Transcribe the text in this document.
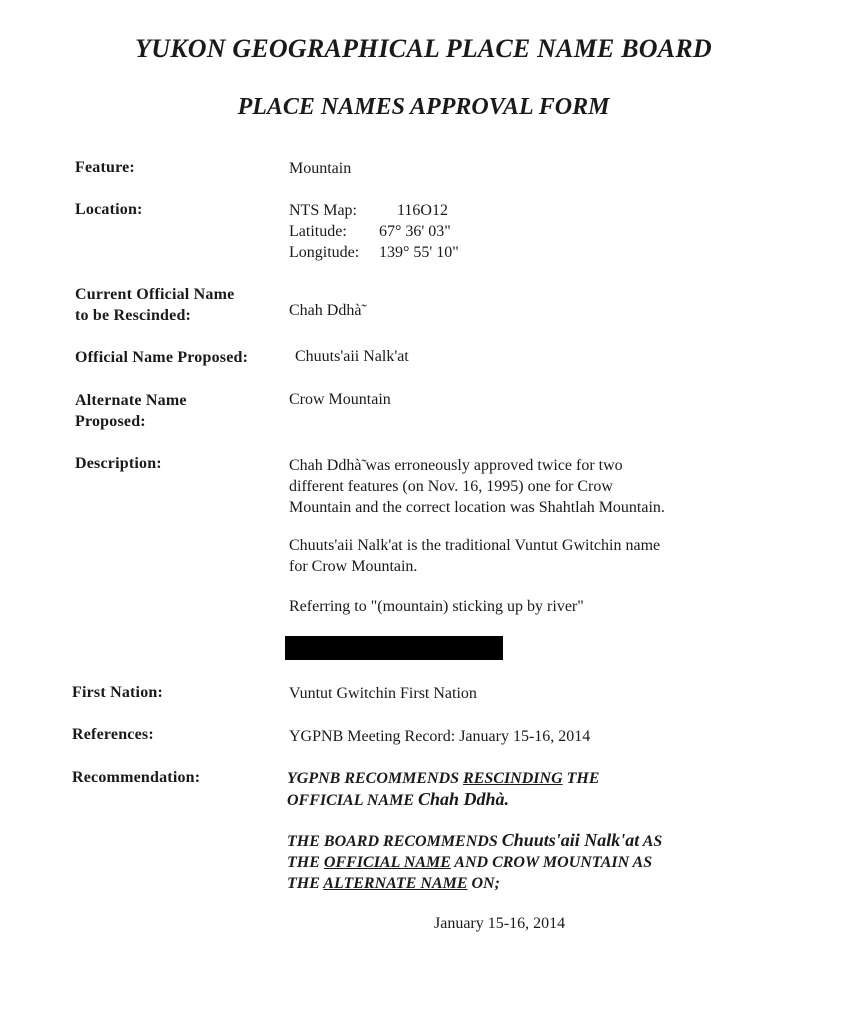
YUKON GEOGRAPHICAL PLACE NAME BOARD
PLACE NAMES APPROVAL FORM
Feature:	Mountain
Location:	NTS Map:	116O12
Latitude: 67° 36' 03"
Longitude: 139° 55' 10"
Current Official Name
to be Rescinded:	Chah Ddhà̃
Official Name Proposed:	Chuuts'aii Nalk'at
Alternate Name
Proposed:
Crow Mountain
Description:	Chah Ddhà̃ was erroneously approved twice for two
different features (on Nov. 16, 1995) one for Crow
Mountain and the correct location was Shahtlah Mountain.
Chuuts'aii Nalk'at is the traditional Vuntut Gwitchin name
for Crow Mountain.
Referring to "(mountain) sticking up by river"
First Nation:	Vuntut Gwitchin First Nation
References:	YGPNB Meeting Record: January 15-16, 2014
Recommendation:	YGPNB RECOMMENDS RESCINDING THE
OFFICIAL NAME Chah Ddhà.
THE BOARD RECOMMENDS Chuuts'aii Nalk'at AS
THE OFFICIAL NAME AND CROW MOUNTAIN AS
THE ALTERNATE NAME ON;
January 15-16, 2014
